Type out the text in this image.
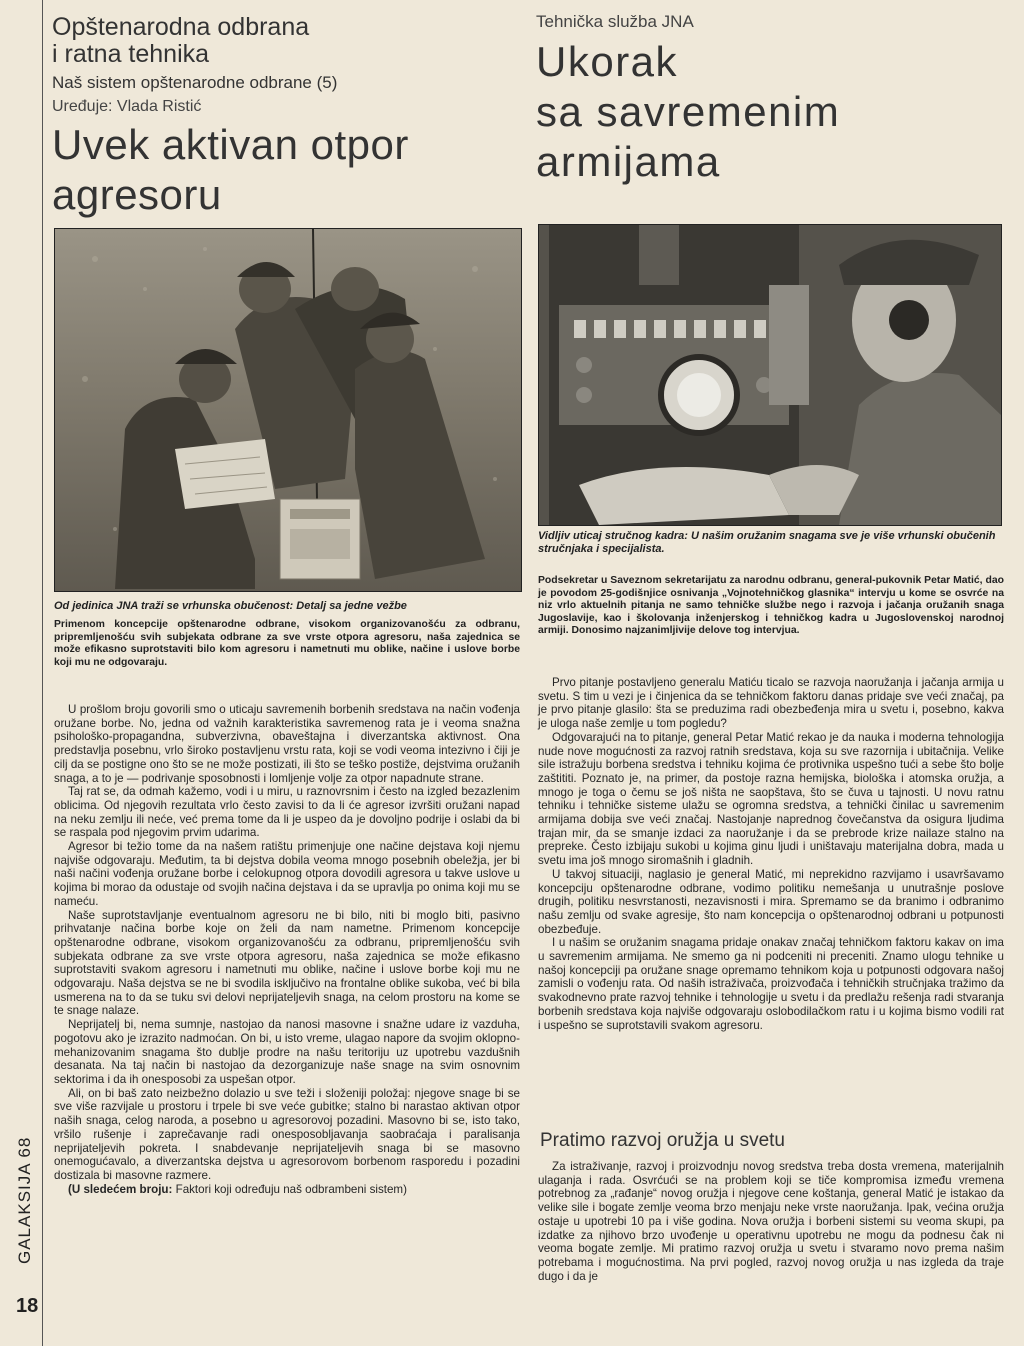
GALAKSIJA 68
18
Opštenarodna odbrana
i ratna tehnika
Naš sistem opštenarodne odbrane (5)
Uređuje: Vlada Ristić
Uvek aktivan otpor
agresoru
Tehnička služba JNA
Ukorak
sa savremenim
armijama
Od jedinica JNA traži se vrhunska obučenost: Detalj sa jedne vežbe
Vidljiv uticaj stručnog kadra: U našim oružanim snagama sve je više vrhunski obučenih stručnjaka i specijalista.
Primenom koncepcije opštenarodne odbrane, visokom organizovanošću za odbranu, pripremljenošću svih subjekata odbrane za sve vrste otpora agresoru, naša zajednica se može efikasno suprotstaviti bilo kom agresoru i nametnuti mu oblike, načine i uslove borbe koji mu ne odgovaraju.
Podsekretar u Saveznom sekretarijatu za narodnu odbranu, general-pukovnik Petar Matić, dao je povodom 25-godišnjice osnivanja „Vojnotehničkog glasnika“ intervju u kome se osvrće na niz vrlo aktuelnih pitanja ne samo tehničke službe nego i razvoja i jačanja oružanih snaga Jugoslavije, kao i školovanja inženjerskog i tehničkog kadra u Jugoslovenskoj narodnoj armiji. Donosimo najzanimljivije delove tog intervjua.

U prošlom broju govorili smo o uticaju savremenih borbenih sredstava na način vođenja oružane borbe. No, jedna od važnih karakteristika savremenog rata je i veoma snažna psihološko-propagandna, subverzivna, obaveštajna i diverzantska aktivnost. Ona predstavlja posebnu, vrlo široko postavljenu vrstu rata, koji se vodi veoma intezivno i čiji je cilj da se postigne ono što se ne može postizati, ili što se teško postiže, dejstvima oružanih snaga, a to je — podrivanje sposobnosti i lomljenje volje za otpor napadnute strane.

Taj rat se, da odmah kažemo, vodi i u miru, u raznovrsnim i često na izgled bezazlenim oblicima. Od njegovih rezultata vrlo često zavisi to da li će agresor izvršiti oružani napad na neku zemlju ili neće, već prema tome da li je uspeo da je dovoljno podrije i oslabi da bi se raspala pod njegovim prvim udarima.

Agresor bi težio tome da na našem ratištu primenjuje one načine dejstava koji njemu najviše odgovaraju. Međutim, ta bi dejstva dobila veoma mnogo posebnih obeležja, jer bi naši načini vođenja oružane borbe i celokupnog otpora dovodili agresora u takve uslove u kojima bi morao da odustaje od svojih načina dejstava i da se upravlja po onima koji mu se nameću.

Naše suprotstavljanje eventualnom agresoru ne bi bilo, niti bi moglo biti, pasivno prihvatanje načina borbe koje on želi da nam nametne. Primenom koncepcije opštenarodne odbrane, visokom organizovanošću za odbranu, pripremljenošću svih subjekata odbrane za sve vrste otpora agresoru, naša zajednica se može efikasno suprotstaviti svakom agresoru i nametnuti mu oblike, načine i uslove borbe koji mu ne odgovaraju. Naša dejstva se ne bi svodila isključivo na frontalne oblike sukoba, već bi bila usmerena na to da se tuku svi delovi neprijateljevih snaga, na celom prostoru na kome se te snage nalaze.

Neprijatelj bi, nema sumnje, nastojao da nanosi masovne i snažne udare iz vazduha, pogotovu ako je izrazito nadmoćan. On bi, u isto vreme, ulagao napore da svojim oklopno-mehanizovanim snagama što dublje prodre na našu teritoriju uz upotrebu vazdušnih desanata. Na taj način bi nastojao da dezorganizuje naše snage na svim osnovnim sektorima i da ih onesposobi za uspešan otpor.

Ali, on bi baš zato neizbežno dolazio u sve teži i složeniji položaj: njegove snage bi se sve više razvijale u prostoru i trpele bi sve veće gubitke; stalno bi narastao aktivan otpor naših snaga, celog naroda, a posebno u agresorovoj pozadini. Masovno bi se, isto tako, vršilo rušenje i zaprečavanje radi onesposobljavanja saobraćaja i paralisanja neprijateljevih pokreta. I snabdevanje neprijateljevih snaga bi se masovno onemogućavalo, a diverzantska dejstva u agresorovom borbenom rasporedu i pozadini dostizala bi masovne razmere.

(U sledećem broju: Faktori koji određuju naš odbrambeni sistem)

Prvo pitanje postavljeno generalu Matiću ticalo se razvoja naoružanja i jačanja armija u svetu. S tim u vezi je i činjenica da se tehničkom faktoru danas pridaje sve veći značaj, pa je prvo pitanje glasilo: šta se preduzima radi obezbeđenja mira u svetu i, posebno, kakva je uloga naše zemlje u tom pogledu?

Odgovarajući na to pitanje, general Petar Matić rekao je da nauka i moderna tehnologija nude nove mogućnosti za razvoj ratnih sredstava, koja su sve razornija i ubitačnija. Velike sile istražuju borbena sredstva i tehniku kojima će protivnika uspešno tući a sebe što bolje zaštititi. Poznato je, na primer, da postoje razna hemijska, biološka i atomska oružja, a mnogo je toga o čemu se još ništa ne saopštava, što se čuva u tajnosti. U novu ratnu tehniku i tehničke sisteme ulažu se ogromna sredstva, a tehnički činilac u savremenim armijama dobija sve veći značaj. Nastojanje naprednog čovečanstva da osigura ljudima trajan mir, da se smanje izdaci za naoružanje i da se prebrode krize nailaze stalno na prepreke. Često izbijaju sukobi u kojima ginu ljudi i uništavaju materijalna dobra, mada u svetu ima još mnogo siromašnih i gladnih.

U takvoj situaciji, naglasio je general Matić, mi neprekidno razvijamo i usavršavamo koncepciju opštenarodne odbrane, vodimo politiku nemešanja u unutrašnje poslove drugih, politiku nesvrstanosti, nezavisnosti i mira. Spremamo se da branimo i odbranimo našu zemlju od svake agresije, što nam koncepcija o opštenarodnoj odbrani u potpunosti obezbeđuje.

I u našim se oružanim snagama pridaje onakav značaj tehničkom faktoru kakav on ima u savremenim armijama. Ne smemo ga ni podceniti ni preceniti. Znamo ulogu tehnike u našoj koncepciji pa oružane snage opremamo tehnikom koja u potpunosti odgovara našoj zamisli o vođenju rata. Od naših istraživača, proizvođača i tehničkih stručnjaka tražimo da svakodnevno prate razvoj tehnike i tehnologije u svetu i da predlažu rešenja radi stvaranja borbenih sredstava koja najviše odgovaraju oslobodilačkom ratu i u kojima bismo vodili rat i uspešno se suprotstavili svakom agresoru.

Pratimo razvoj oružja u svetu

Za istraživanje, razvoj i proizvodnju novog sredstva treba dosta vremena, materijalnih ulaganja i rada. Osvrćući se na problem koji se tiče kompromisa između vremena potrebnog za „rađanje“ novog oružja i njegove cene koštanja, general Matić je istakao da velike sile i bogate zemlje veoma brzo menjaju neke vrste naoružanja. Ipak, većina oružja ostaje u upotrebi 10 pa i više godina. Nova oružja i borbeni sistemi su veoma skupi, pa izdatke za njihovo brzo uvođenje u operativnu upotrebu ne mogu da podnesu čak ni veoma bogate zemlje. Mi pratimo razvoj oružja u svetu i stvaramo novo prema našim potrebama i mogućnostima. Na prvi pogled, razvoj novog oružja u nas izgleda da traje dugo i da je
